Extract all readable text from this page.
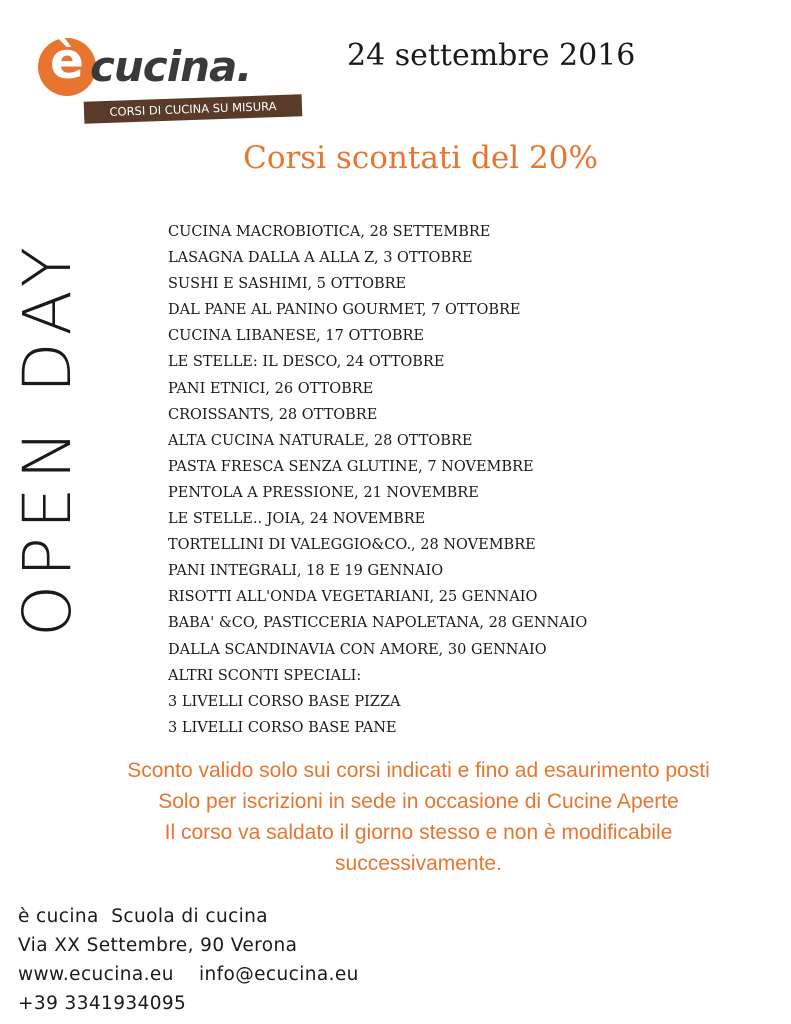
è cucina.
CORSI DI CUCINA SU MISURA
24 settembre 2016
Corsi scontati del 20%
OPEN DAY
CUCINA MACROBIOTICA, 28 SETTEMBRE
LASAGNA DALLA A ALLA Z, 3 OTTOBRE
SUSHI E SASHIMI, 5 OTTOBRE
DAL PANE AL PANINO GOURMET, 7 OTTOBRE
CUCINA LIBANESE, 17 OTTOBRE
LE STELLE: IL DESCO, 24 OTTOBRE
PANI ETNICI, 26 OTTOBRE
CROISSANTS, 28 OTTOBRE
ALTA CUCINA NATURALE, 28 OTTOBRE
PASTA FRESCA SENZA GLUTINE, 7 NOVEMBRE
PENTOLA A PRESSIONE, 21 NOVEMBRE
LE STELLE.. JOIA, 24 NOVEMBRE
TORTELLINI DI VALEGGIO&CO., 28 NOVEMBRE
PANI INTEGRALI, 18 E 19 GENNAIO
RISOTTI ALL'ONDA VEGETARIANI, 25 GENNAIO
BABA' &CO, PASTICCERIA NAPOLETANA, 28 GENNAIO
DALLA SCANDINAVIA CON AMORE, 30 GENNAIO
ALTRI SCONTI SPECIALI:
3 LIVELLI CORSO BASE PIZZA
3 LIVELLI CORSO BASE PANE

Sconto valido solo sui corsi indicati e fino ad esaurimento posti

Solo per iscrizioni in sede in occasione di Cucine Aperte

Il corso va saldato il giorno stesso e non è modificabile

successivamente.

è cucina  Scuola di cucina

Via XX Settembre, 90 Verona

www.ecucina.eu info@ecucina.eu

+39 3341934095
